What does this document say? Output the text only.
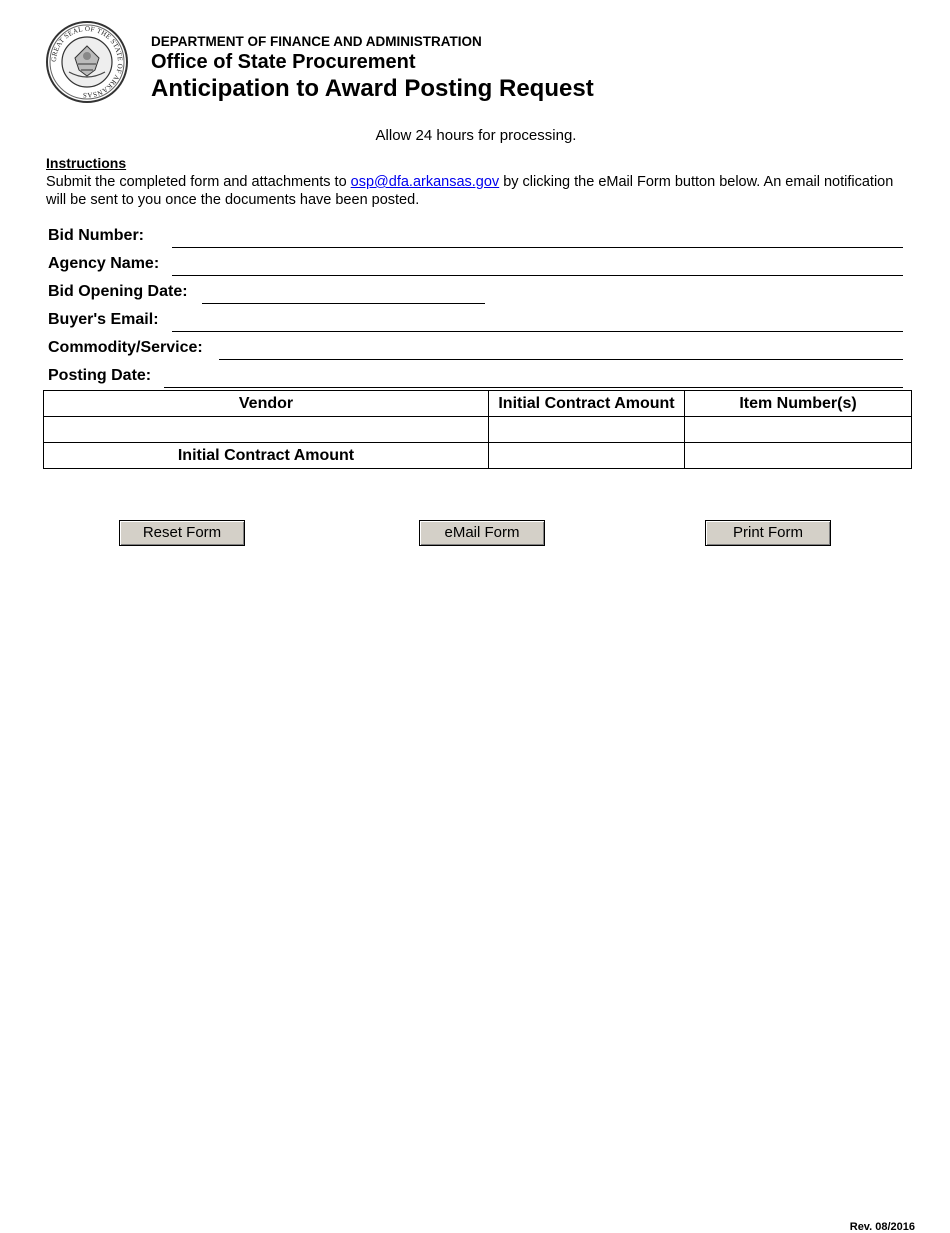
GREAT SEAL OF THE STATE OF ARKANSAS
DEPARTMENT OF FINANCE AND ADMINISTRATION
Office of State Procurement
Anticipation to Award Posting Request
Allow 24 hours for processing.
Instructions
Submit the completed form and attachments to osp@dfa.arkansas.gov by clicking the eMail Form button below. An email notification will be sent to you once the documents have been posted.
Bid Number:
Agency Name:
Bid Opening Date:
Buyer's Email:
Commodity/Service:
Posting Date:
Vendor	Initial Contract Amount	Item Number(s)

Initial Contract Amount		
Reset Form	eMail Form	Print Form
Rev. 08/2016
